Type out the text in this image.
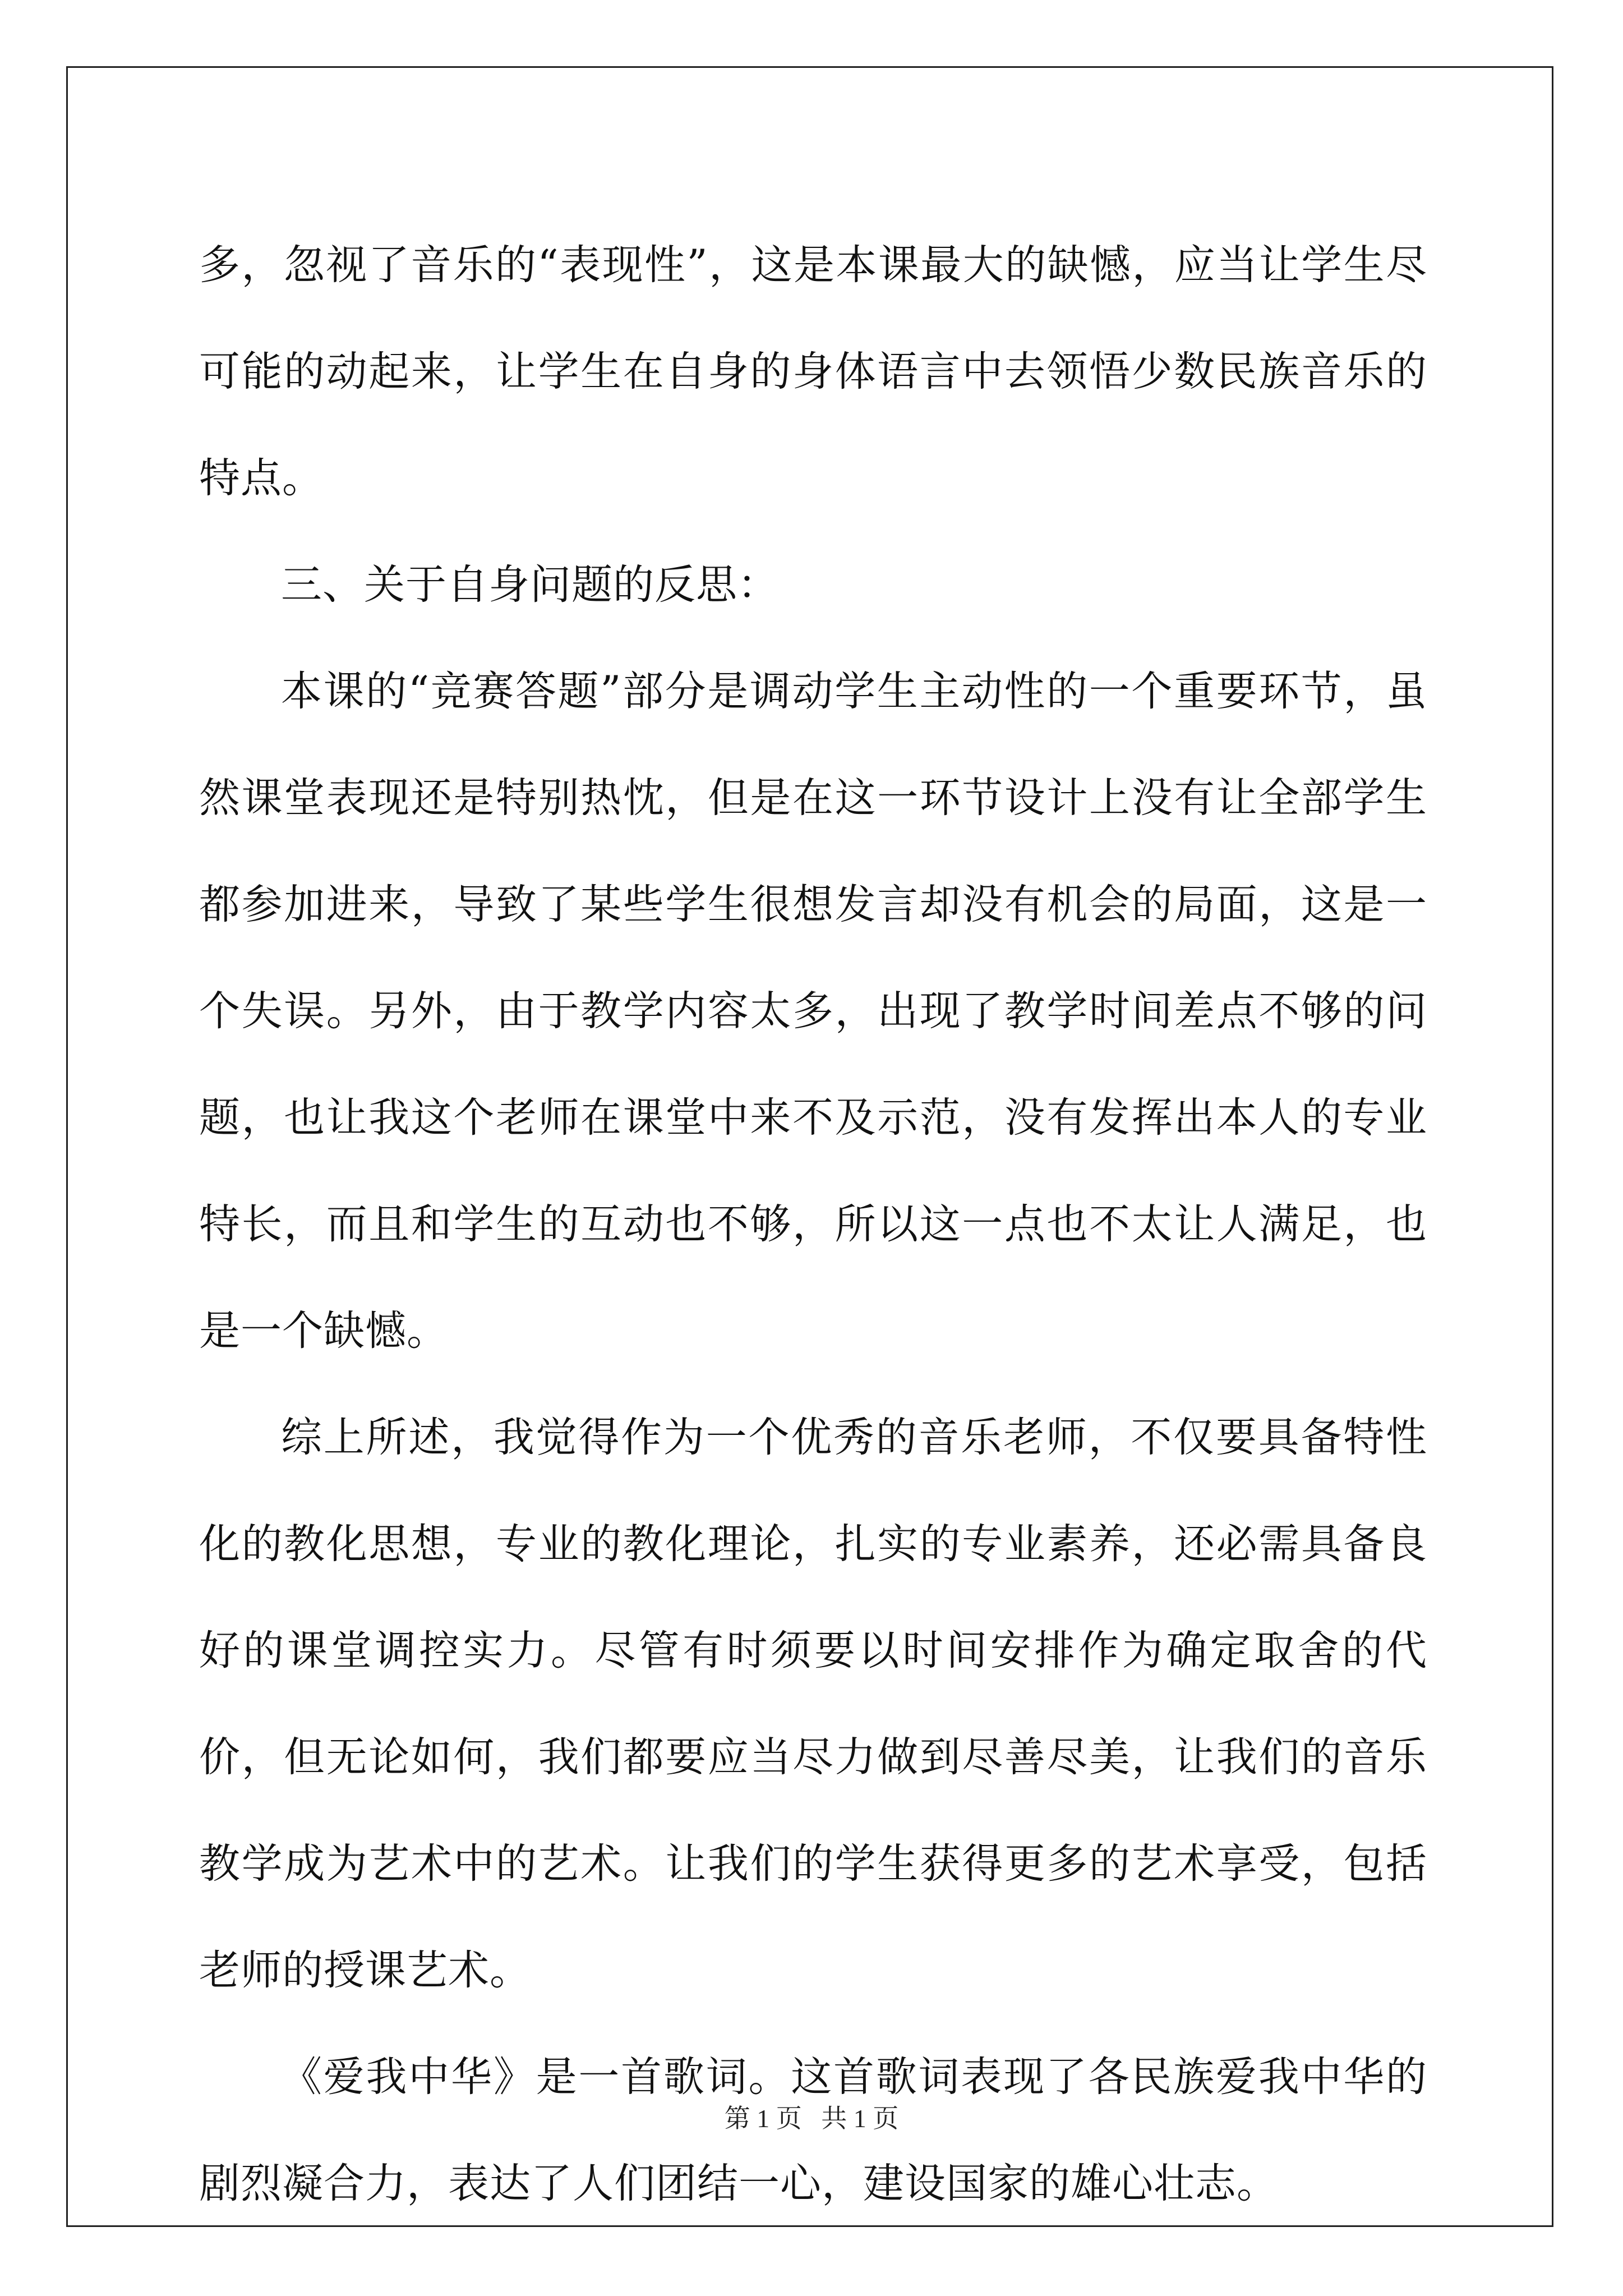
多，忽视了音乐的“表现性”，这是本课最大的缺憾，应当让学生尽可能的动起来，让学生在自身的身体语言中去领悟少数民族音乐的特点。

三、关于自身问题的反思：

本课的“竞赛答题”部分是调动学生主动性的一个重要环节，虽然课堂表现还是特别热忱，但是在这一环节设计上没有让全部学生都参加进来，导致了某些学生很想发言却没有机会的局面，这是一个失误。另外，由于教学内容太多，出现了教学时间差点不够的问题，也让我这个老师在课堂中来不及示范，没有发挥出本人的专业特长，而且和学生的互动也不够，所以这一点也不太让人满足，也是一个缺憾。

综上所述，我觉得作为一个优秀的音乐老师，不仅要具备特性化的教化思想，专业的教化理论，扎实的专业素养，还必需具备良好的课堂调控实力。尽管有时须要以时间安排作为确定取舍的代价，但无论如何，我们都要应当尽力做到尽善尽美，让我们的音乐教学成为艺术中的艺术。让我们的学生获得更多的艺术享受，包括老师的授课艺术。

《爱我中华》是一首歌词。这首歌词表现了各民族爱我中华的剧烈凝合力，表达了人们团结一心，建设国家的雄心壮志。

第 1 页   共 1 页
